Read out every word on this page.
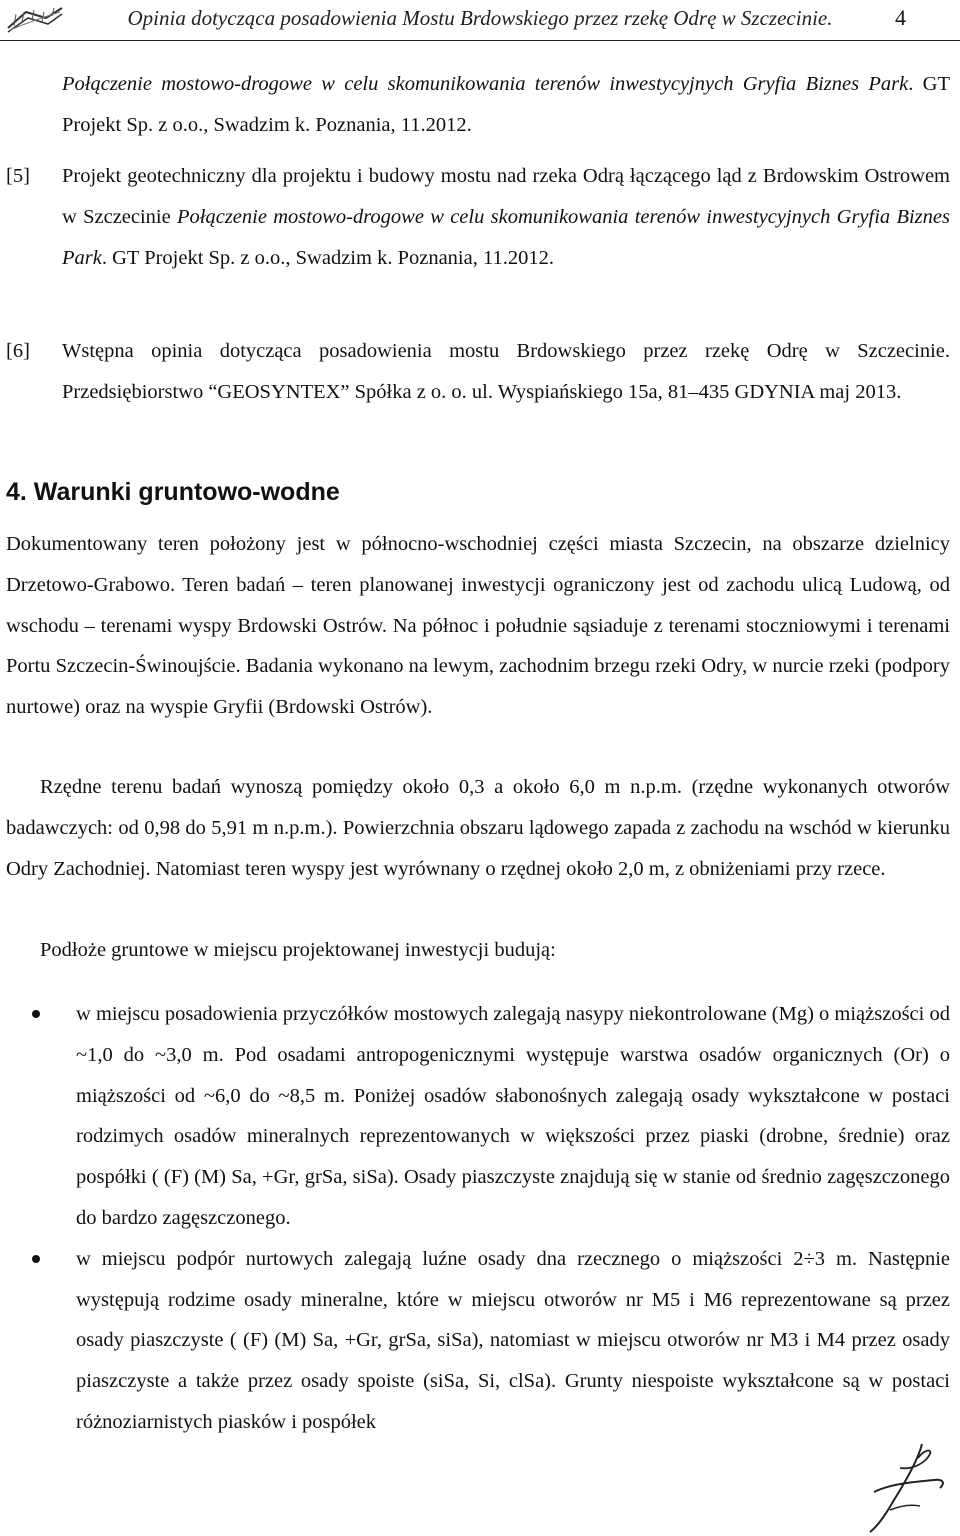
Opinia dotycząca posadowienia Mostu Brdowskiego przez rzekę Odrę w Szczecinie.	4
Połączenie mostowo-drogowe w celu skomunikowania terenów inwestycyjnych Gryfia Biznes Park. GT Projekt Sp. z o.o., Swadzim k. Poznania, 11.2012.
[5] Projekt geotechniczny dla projektu i budowy mostu nad rzeka Odrą łączącego ląd z Brdowskim Ostrowem w Szczecinie Połączenie mostowo-drogowe w celu skomunikowania terenów inwestycyjnych Gryfia Biznes Park. GT Projekt Sp. z o.o., Swadzim k. Poznania, 11.2012.
[6] Wstępna opinia dotycząca posadowienia mostu Brdowskiego przez rzekę Odrę w Szczecinie. Przedsiębiorstwo “GEOSYNTEX” Spółka z o. o. ul. Wyspiańskiego 15a, 81–435 GDYNIA maj 2013.
4. Warunki gruntowo-wodne
Dokumentowany teren położony jest w północno-wschodniej części miasta Szczecin, na obszarze dzielnicy Drzetowo-Grabowo. Teren badań – teren planowanej inwestycji ograniczony jest od zachodu ulicą Ludową, od wschodu – terenami wyspy Brdowski Ostrów. Na północ i południe sąsiaduje z terenami stoczniowymi i terenami Portu Szczecin-Świnoujście. Badania wykonano na lewym, zachodnim brzegu rzeki Odry, w nurcie rzeki (podpory nurtowe) oraz na wyspie Gryfii (Brdowski Ostrów).
Rzędne terenu badań wynoszą pomiędzy około 0,3 a około 6,0 m n.p.m. (rzędne wykonanych otworów badawczych: od 0,98 do 5,91 m n.p.m.). Powierzchnia obszaru lądowego zapada z zachodu na wschód w kierunku Odry Zachodniej. Natomiast teren wyspy jest wyrównany o rzędnej około 2,0 m, z obniżeniami przy rzece.
Podłoże gruntowe w miejscu projektowanej inwestycji budują:
w miejscu posadowienia przyczółków mostowych zalegają nasypy niekontrolowane (Mg) o miąższości od ~1,0 do ~3,0 m. Pod osadami antropogenicznymi występuje warstwa osadów organicznych (Or) o miąższości od ~6,0 do ~8,5 m. Poniżej osadów słabonośnych zalegają osady wykształcone w postaci rodzimych osadów mineralnych reprezentowanych w większości przez piaski (drobne, średnie) oraz pospółki ( (F) (M) Sa, +Gr, grSa, siSa). Osady piaszczyste znajdują się w stanie od średnio zagęszczonego do bardzo zagęszczonego.
w miejscu podpór nurtowych zalegają luźne osady dna rzecznego o miąższości 2÷3 m. Następnie występują rodzime osady mineralne, które w miejscu otworów nr M5 i M6 reprezentowane są przez osady piaszczyste ( (F) (M) Sa, +Gr, grSa, siSa), natomiast w miejscu otworów nr M3 i M4 przez osady piaszczyste a także przez osady spoiste (siSa, Si, clSa). Grunty niespoiste wykształcone są w postaci różnoziarnistych piasków i pospółek
